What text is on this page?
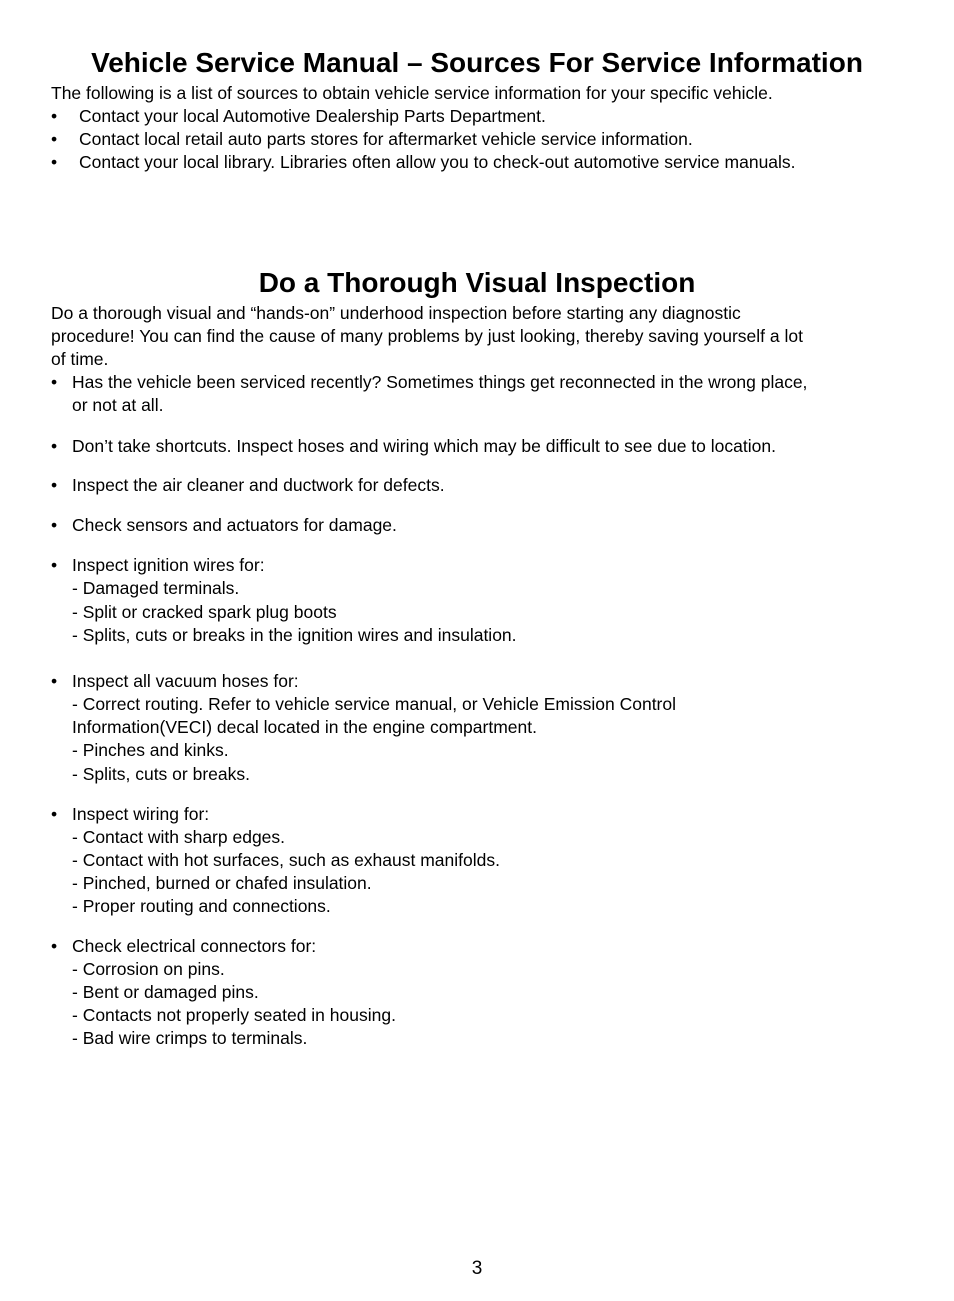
Vehicle Service Manual – Sources For Service Information
The following is a list of sources to obtain vehicle service information for your specific vehicle.
• Contact your local Automotive Dealership Parts Department.
• Contact local retail auto parts stores for aftermarket vehicle service information.
• Contact your local library. Libraries often allow you to check-out automotive service manuals.
Do a Thorough Visual Inspection
Do a thorough visual and “hands-on” underhood inspection before starting any diagnostic
procedure! You can find the cause of many problems by just looking, thereby saving yourself a lot
of time.
• Has the vehicle been serviced recently? Sometimes things get reconnected in the wrong place,
or not at all.
• Don’t take shortcuts. Inspect hoses and wiring which may be difficult to see due to location.
• Inspect the air cleaner and ductwork for defects.
• Check sensors and actuators for damage.
• Inspect ignition wires for:
- Damaged terminals.
- Split or cracked spark plug boots
- Splits, cuts or breaks in the ignition wires and insulation.
• Inspect all vacuum hoses for:
- Correct routing. Refer to vehicle service manual, or Vehicle Emission Control
Information(VECI) decal located in the engine compartment.
- Pinches and kinks.
- Splits, cuts or breaks.
• Inspect wiring for:
- Contact with sharp edges.
- Contact with hot surfaces, such as exhaust manifolds.
- Pinched, burned or chafed insulation.
- Proper routing and connections.
• Check electrical connectors for:
- Corrosion on pins.
- Bent or damaged pins.
- Contacts not properly seated in housing.
- Bad wire crimps to terminals.
3
